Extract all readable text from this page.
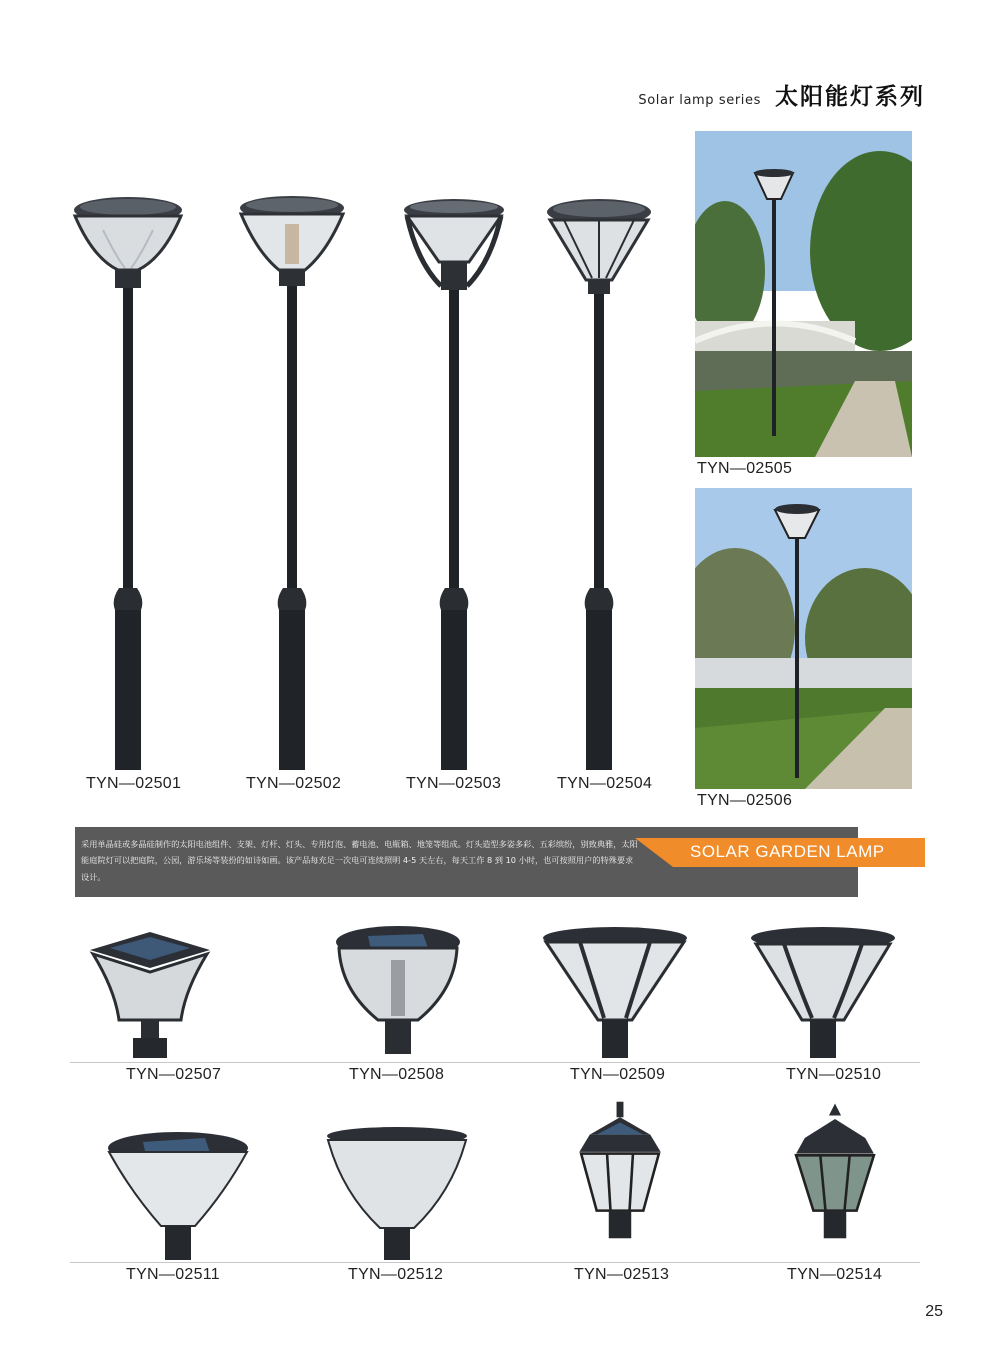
Solar lamp series 太阳能灯系列
TYN—02501	TYN—02502	TYN—02503	TYN—02504
TYN—02505
TYN—02506
采用单晶硅或多晶硅制作的太阳电池组件、支架、灯杆、灯头、专用灯泡、蓄电池、电瓶箱、地笼等组成。灯头造型多姿多彩、五彩缤纷，别致典雅，太阳能庭院灯可以把庭院，公园，游乐场等装扮的如诗如画。该产品每充足一次电可连续照明 4-5 天左右，每天工作 8 到 10 小时，也可按照用户的特殊要求设计。
SOLAR GARDEN LAMP
TYN—02507	TYN—02508	TYN—02509	TYN—02510
TYN—02511	TYN—02512	TYN—02513	TYN—02514
25
